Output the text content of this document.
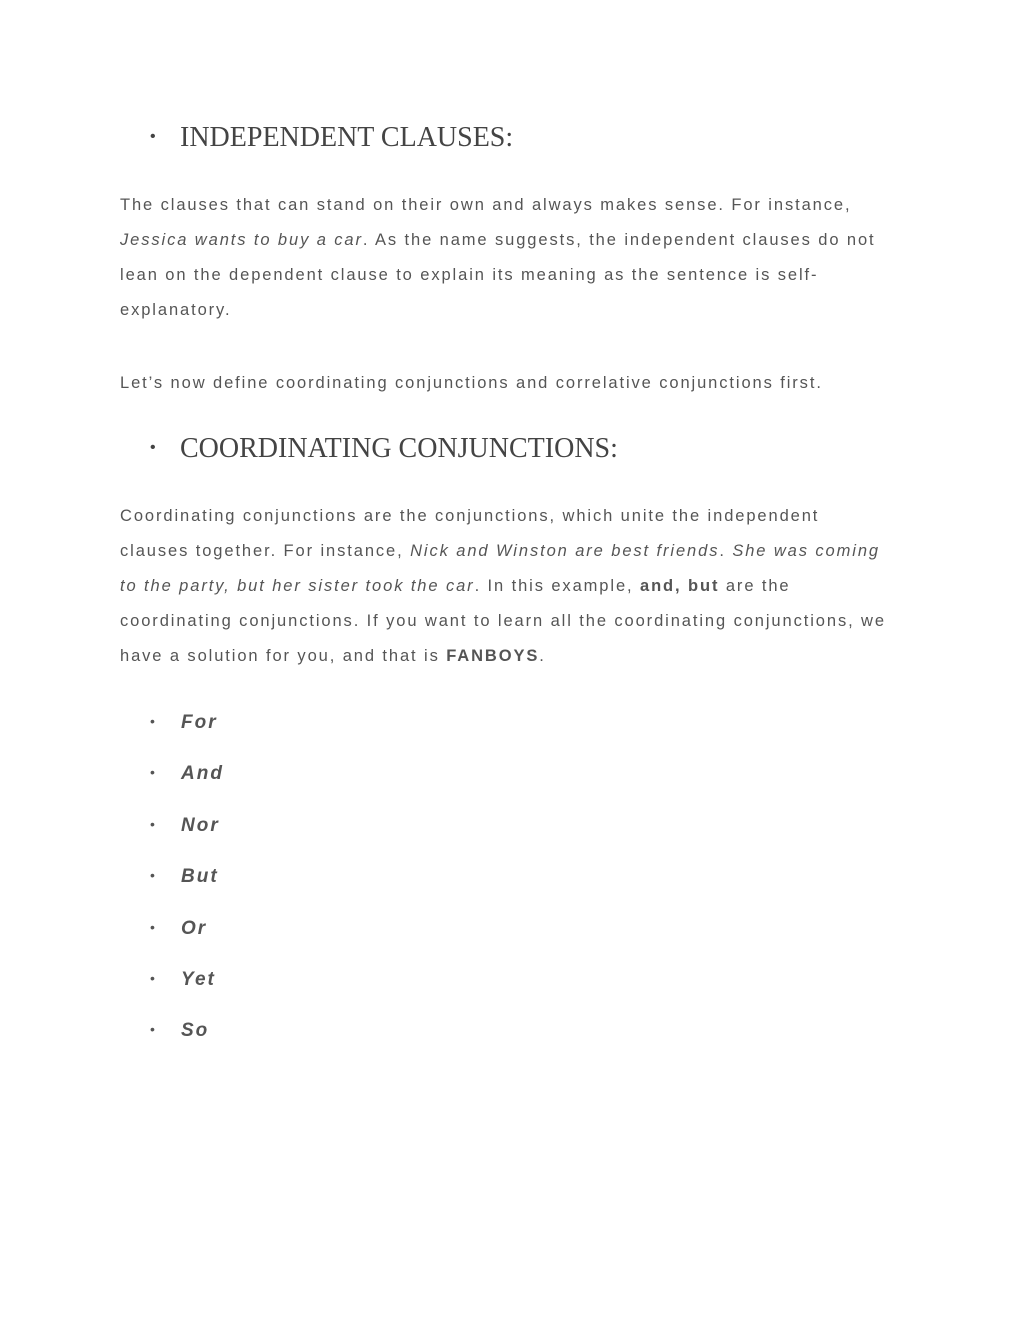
• INDEPENDENT CLAUSES:

The clauses that can stand on their own and always makes sense. For instance, Jessica wants to buy a car. As the name suggests, the independent clauses do not lean on the dependent clause to explain its meaning as the sentence is self-explanatory.

Let’s now define coordinating conjunctions and correlative conjunctions first.

• COORDINATING CONJUNCTIONS:

Coordinating conjunctions are the conjunctions, which unite the independent clauses together. For instance, Nick and Winston are best friends. She was coming to the party, but her sister took the car. In this example, and, but are the coordinating conjunctions. If you want to learn all the coordinating conjunctions, we have a solution for you, and that is FANBOYS.

• For
• And
• Nor
• But
• Or
• Yet
• So
